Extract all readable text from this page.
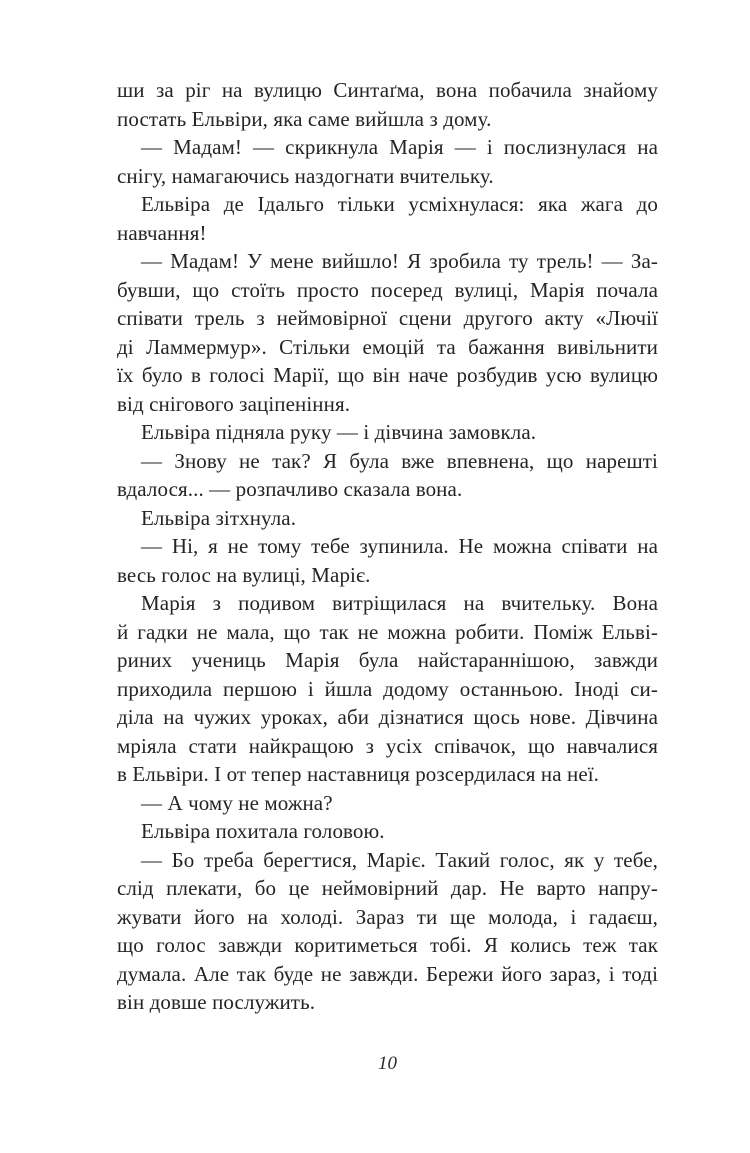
ши за ріг на вулицю Синтаґма, вона побачила знайому
постать Ельвіри, яка саме вийшла з дому.
— Мадам! — скрикнула Марія — і послизнулася на
снігу, намагаючись наздогнати вчительку.
Ельвіра де Ідальго тільки усміхнулася: яка жага до
навчання!
— Мадам! У мене вийшло! Я зробила ту трель! — За-
бувши, що стоїть просто посеред вулиці, Марія почала
співати трель з неймовірної сцени другого акту «Лючії
ді Ламмермур». Стільки емоцій та бажання вивільнити
їх було в голосі Марії, що він наче розбудив усю вулицю
від снігового заціпеніння.
Ельвіра підняла руку — і дівчина замовкла.
— Знову не так? Я була вже впевнена, що нарешті
вдалося... — розпачливо сказала вона.
Ельвіра зітхнула.
— Ні, я не тому тебе зупинила. Не можна співати на
весь голос на вулиці, Маріє.
Марія з подивом витріщилася на вчительку. Вона
й гадки не мала, що так не можна робити. Поміж Ельві-
риних учениць Марія була найстараннішою, завжди
приходила першою і йшла додому останньою. Іноді си-
діла на чужих уроках, аби дізнатися щось нове. Дівчина
мріяла стати найкращою з усіх співачок, що навчалися
в Ельвіри. І от тепер наставниця розсердилася на неї.
— А чому не можна?
Ельвіра похитала головою.
— Бо треба берегтися, Маріє. Такий голос, як у тебе,
слід плекати, бо це неймовірний дар. Не варто напру-
жувати його на холоді. Зараз ти ще молода, і гадаєш,
що голос завжди коритиметься тобі. Я колись теж так
думала. Але так буде не завжди. Бережи його зараз, і тоді
він довше послужить.
10
